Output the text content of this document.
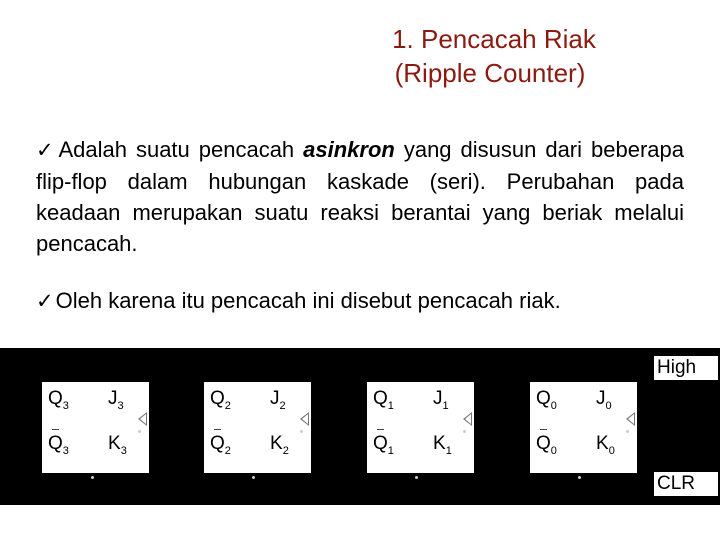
1. Pencacah Riak
(Ripple Counter)

✓Adalah suatu pencacah asinkron yang disusun dari beberapa flip-flop dalam hubungan kaskade (seri). Perubahan pada keadaan merupakan suatu reaksi berantai yang beriak melalui pencacah.

✓Oleh karena itu pencacah ini disebut pencacah riak.

$Q_3$ $J_3$
$Q_3$ $K_3$
$Q_2$ $J_2$
$Q_2$ $K_2$
$Q_1$ $J_1$
$Q_1$ $K_1$
$Q_0$ $J_0$
$Q_0$ $K_0$
High
CLR
